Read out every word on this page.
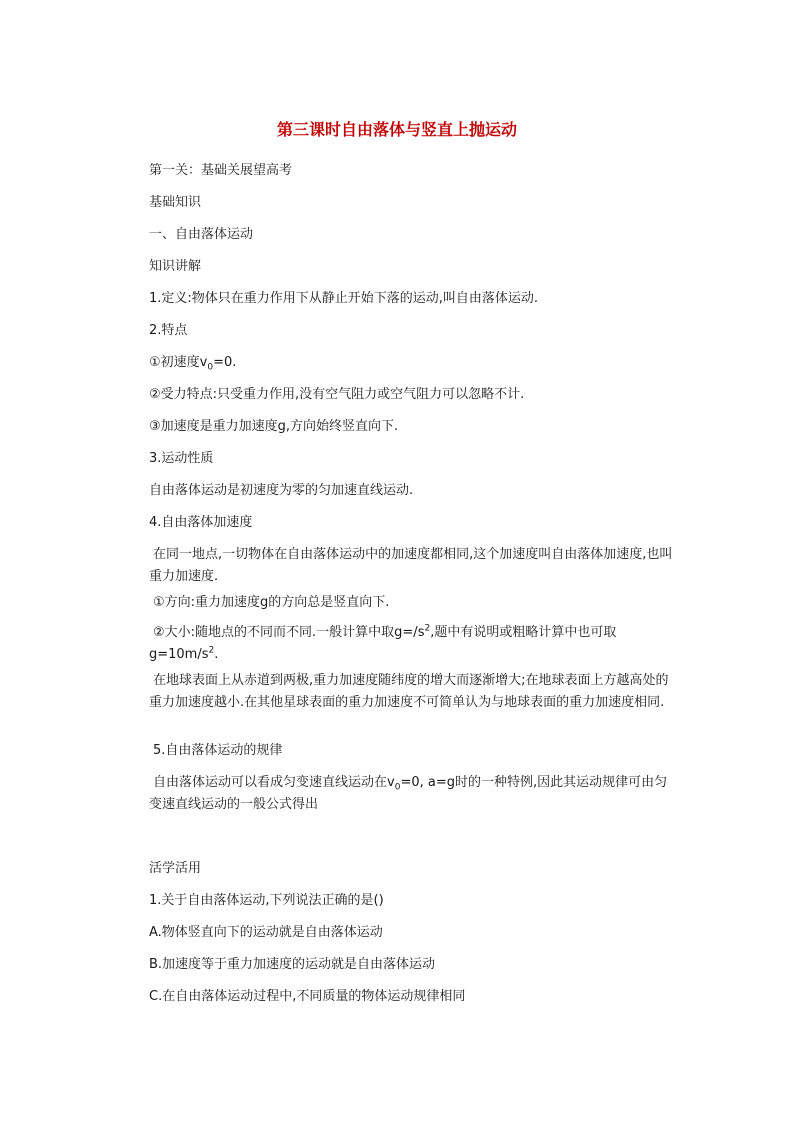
第三课时自由落体与竖直上抛运动
第一关：基础关展望高考
基础知识
一、自由落体运动
知识讲解
1.定义:物体只在重力作用下从静止开始下落的运动,叫自由落体运动.
2.特点
①初速度$v_0=0$.
②受力特点:只受重力作用,没有空气阻力或空气阻力可以忽略不计.
③加速度是重力加速度g,方向始终竖直向下.
3.运动性质
自由落体运动是初速度为零的匀加速直线运动.
4.自由落体加速度
在同一地点,一切物体在自由落体运动中的加速度都相同,这个加速度叫自由落体加速度,也叫重力加速度.
①方向:重力加速度g的方向总是竖直向下.
②大小:随地点的不同而不同.一般计算中取$g=/s^2$,题中有说明或粗略计算中也可取$g=10m/s^2$.
在地球表面上从赤道到两极,重力加速度随纬度的增大而逐渐增大;在地球表面上方越高处的重力加速度越小.在其他星球表面的重力加速度不可简单认为与地球表面的重力加速度相同.
5.自由落体运动的规律
自由落体运动可以看成匀变速直线运动在$v_0=0$, a=g时的一种特例,因此其运动规律可由匀变速直线运动的一般公式得出
活学活用
1.关于自由落体运动,下列说法正确的是()
A.物体竖直向下的运动就是自由落体运动
B.加速度等于重力加速度的运动就是自由落体运动
C.在自由落体运动过程中,不同质量的物体运动规律相同
